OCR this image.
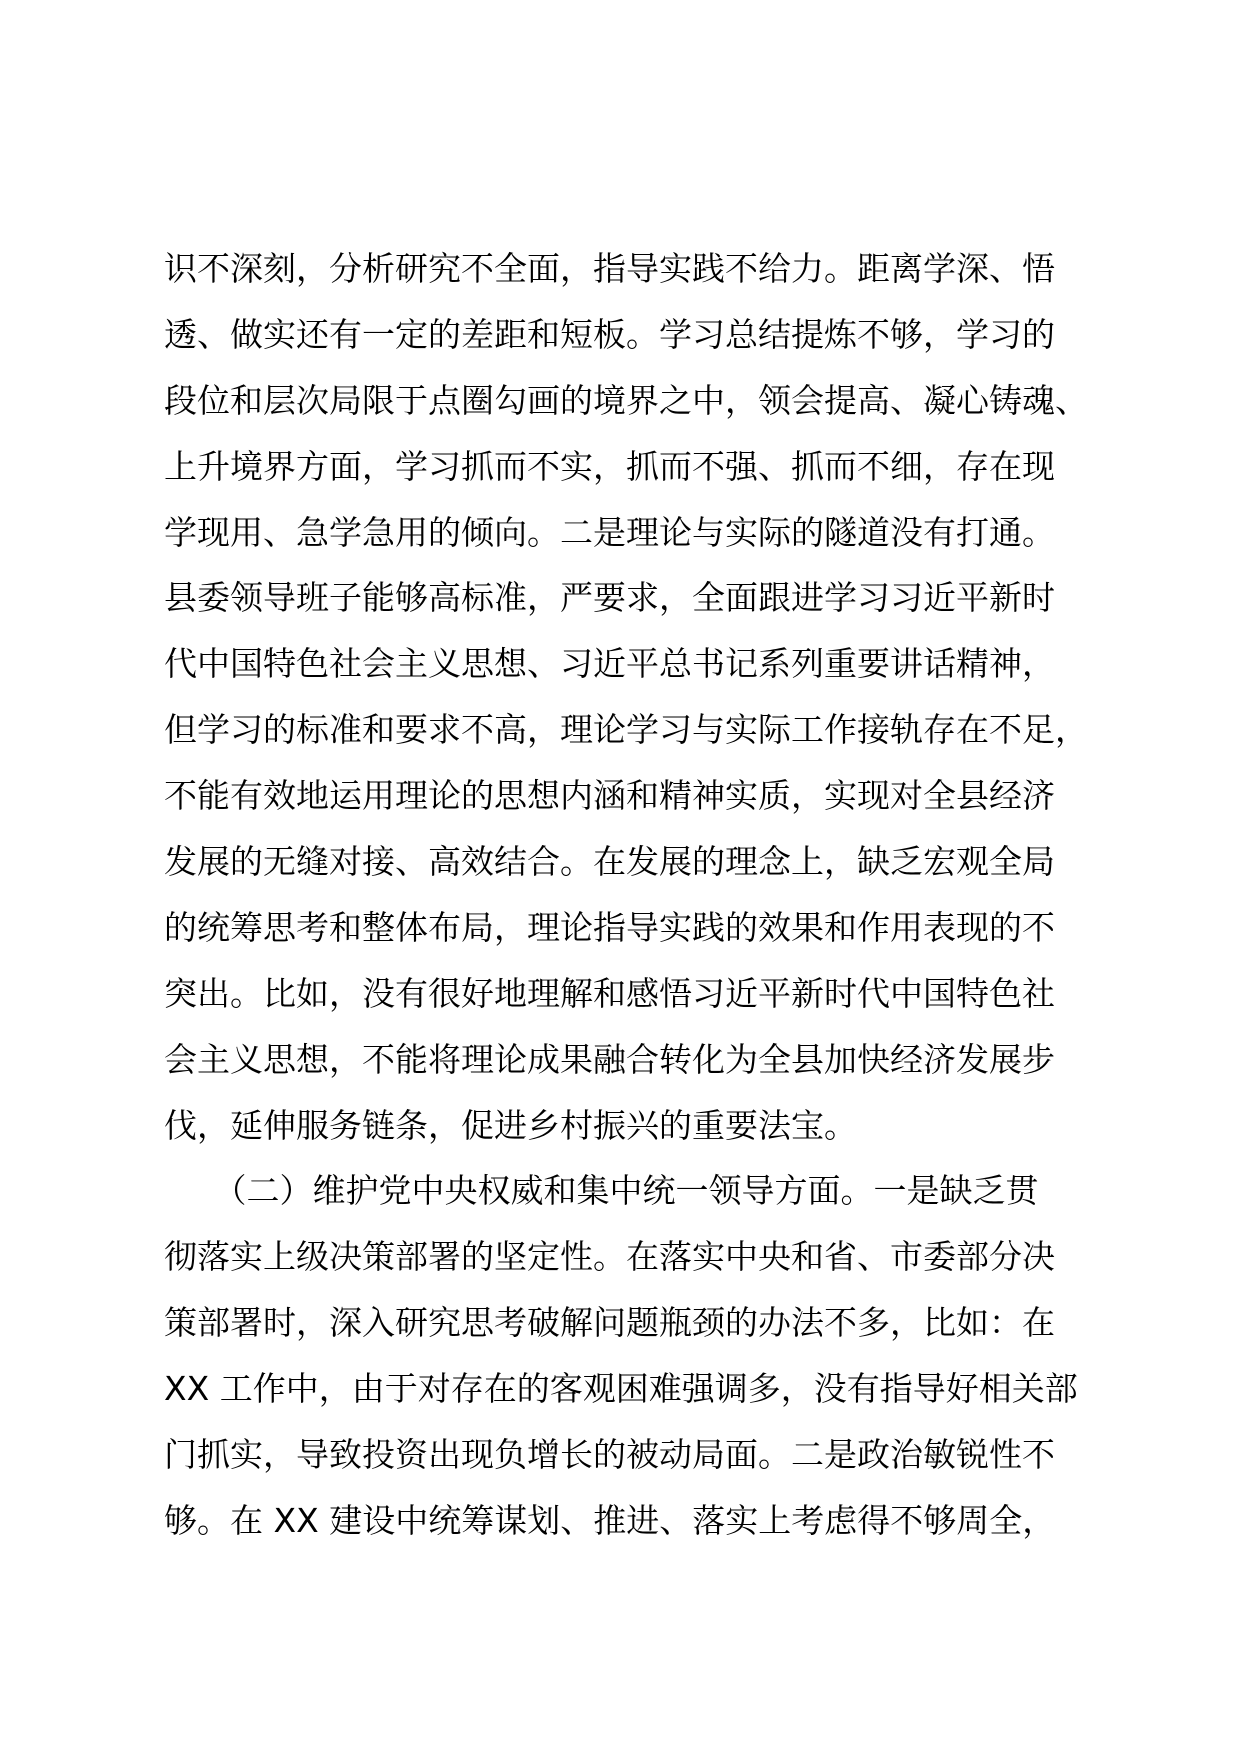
识不深刻，分析研究不全面，指导实践不给力。距离学深、悟
透、做实还有一定的差距和短板。学习总结提炼不够，学习的
段位和层次局限于点圈勾画的境界之中，领会提高、凝心铸魂、
上升境界方面，学习抓而不实，抓而不强、抓而不细，存在现
学现用、急学急用的倾向。二是理论与实际的隧道没有打通。
县委领导班子能够高标准，严要求，全面跟进学习习近平新时
代中国特色社会主义思想、习近平总书记系列重要讲话精神，
但学习的标准和要求不高，理论学习与实际工作接轨存在不足，
不能有效地运用理论的思想内涵和精神实质，实现对全县经济
发展的无缝对接、高效结合。在发展的理念上，缺乏宏观全局
的统筹思考和整体布局，理论指导实践的效果和作用表现的不
突出。比如，没有很好地理解和感悟习近平新时代中国特色社
会主义思想，不能将理论成果融合转化为全县加快经济发展步
伐，延伸服务链条，促进乡村振兴的重要法宝。
　　（二）维护党中央权威和集中统一领导方面。一是缺乏贯
彻落实上级决策部署的坚定性。在落实中央和省、市委部分决
策部署时，深入研究思考破解问题瓶颈的办法不多，比如：在
XX 工作中，由于对存在的客观困难强调多，没有指导好相关部
门抓实，导致投资出现负增长的被动局面。二是政治敏锐性不
够。在 XX 建设中统筹谋划、推进、落实上考虑得不够周全，
